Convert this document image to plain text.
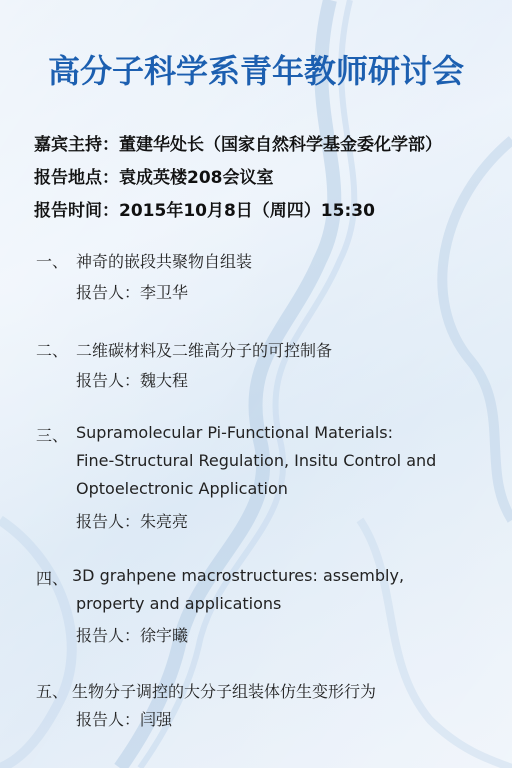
高分子科学系青年教师研讨会
嘉宾主持：董建华处长（国家自然科学基金委化学部）
报告地点：袁成英楼208会议室
报告时间：2015年10月8日（周四）15:30
一、 神奇的嵌段共聚物自组装
报告人：李卫华
二、 二维碳材料及二维高分子的可控制备
报告人：魏大程
三、 Supramolecular Pi-Functional Materials:
Fine-Structural Regulation, Insitu Control and
Optoelectronic Application
报告人：朱亮亮
四、 3D grahpene macrostructures: assembly,
property and applications
报告人：徐宇曦
五、 生物分子调控的大分子组装体仿生变形行为
报告人：闫强
